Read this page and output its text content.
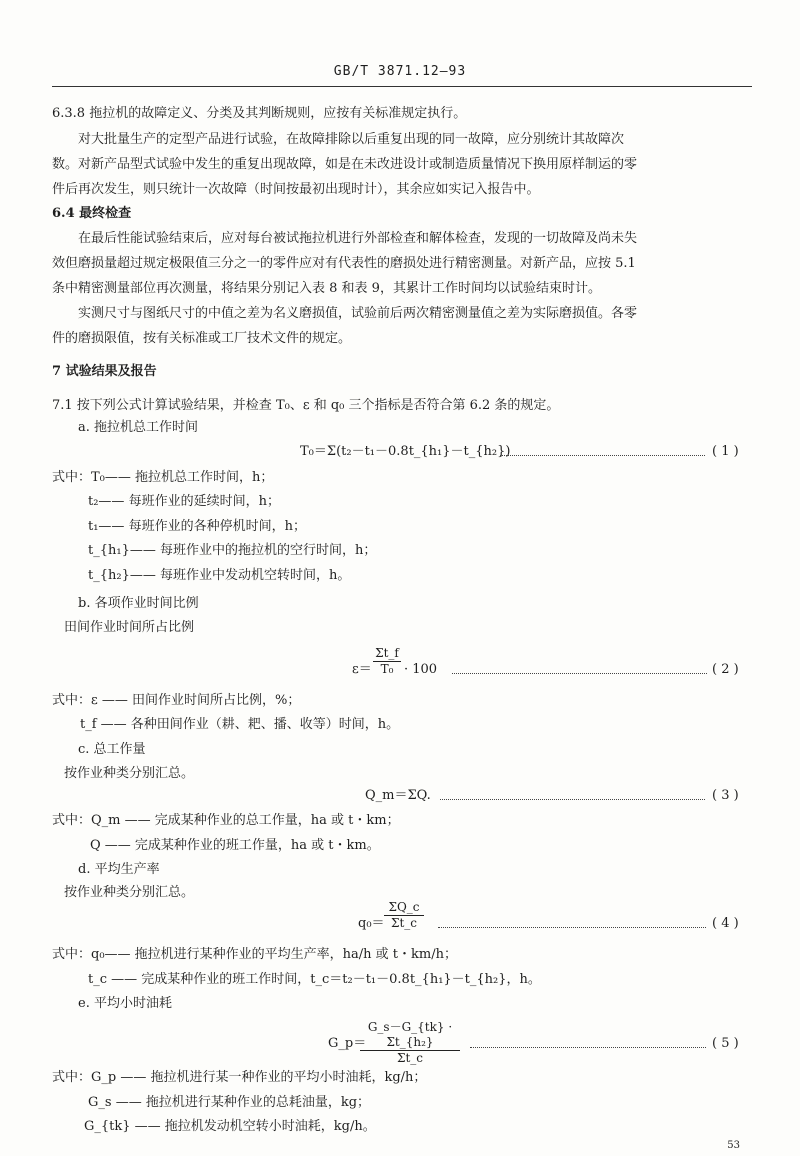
GB/T 3871.12—93
6.3.8 拖拉机的故障定义、分类及其判断规则，应按有关标准规定执行。
对大批量生产的定型产品进行试验，在故障排除以后重复出现的同一故障，应分别统计其故障次
数。对新产品型式试验中发生的重复出现故障，如是在未改进设计或制造质量情况下换用原样制运的零
件后再次发生，则只统计一次故障（时间按最初出现时计），其余应如实记入报告中。
6.4 最终检查
在最后性能试验结束后，应对每台被试拖拉机进行外部检查和解体检查，发现的一切故障及尚未失
效但磨损量超过规定极限值三分之一的零件应对有代表性的磨损处进行精密测量。对新产品，应按 5.1
条中精密测量部位再次测量，将结果分别记入表 8 和表 9，其累计工作时间均以试验结束时计。
实测尺寸与图纸尺寸的中值之差为名义磨损值，试验前后两次精密测量值之差为实际磨损值。各零
件的磨损限值，按有关标准或工厂技术文件的规定。
7 试验结果及报告
7.1 按下列公式计算试验结果，并检查 T₀、ε 和 q₀ 三个指标是否符合第 6.2 条的规定。
a. 拖拉机总工作时间
T₀＝Σ(t₂－t₁－0.8t_{h₁}－t_{h₂})	( 1 )
式中：T₀—— 拖拉机总工作时间，h；
t₂—— 每班作业的延续时间，h；
t₁—— 每班作业的各种停机时间，h；
t_{h₁}—— 每班作业中的拖拉机的空行时间，h；
t_{h₂}—— 每班作业中发动机空转时间，h。
b. 各项作业时间比例
田间作业时间所占比例
$\varepsilon= \frac{\Sigma t\_f}{\text{T₀}} \cdot 100$	( 2 )
式中：ε —— 田间作业时间所占比例，%；
t_f —— 各种田间作业（耕、耙、播、收等）时间，h。
c. 总工作量
按作业种类分别汇总。
Q_m＝ΣQ.	( 3 )
式中：Q_m —— 完成某种作业的总工作量，ha 或 t・km；
Q —— 完成某种作业的班工作量，ha 或 t・km。
d. 平均生产率
按作业种类分别汇总。
$q_0= \frac{\Sigma Q\_c}{\Sigma t\_c}$	( 4 )
式中：q₀—— 拖拉机进行某种作业的平均生产率，ha/h 或 t・km/h；
t_c —— 完成某种作业的班工作时间，t_c＝t₂－t₁－0.8t_{h₁}－t_{h₂}，h。
e. 平均小时油耗
G_p＝
$\frac{\text{G\_s－G\_\{tk\} · Σt\_\{h₂\}}}{\Sigma t\_c}$	( 5 )
式中：G_p —— 拖拉机进行某一种作业的平均小时油耗，kg/h；
G_s —— 拖拉机进行某种作业的总耗油量，kg；
G_{tk} —— 拖拉机发动机空转小时油耗，kg/h。
53
